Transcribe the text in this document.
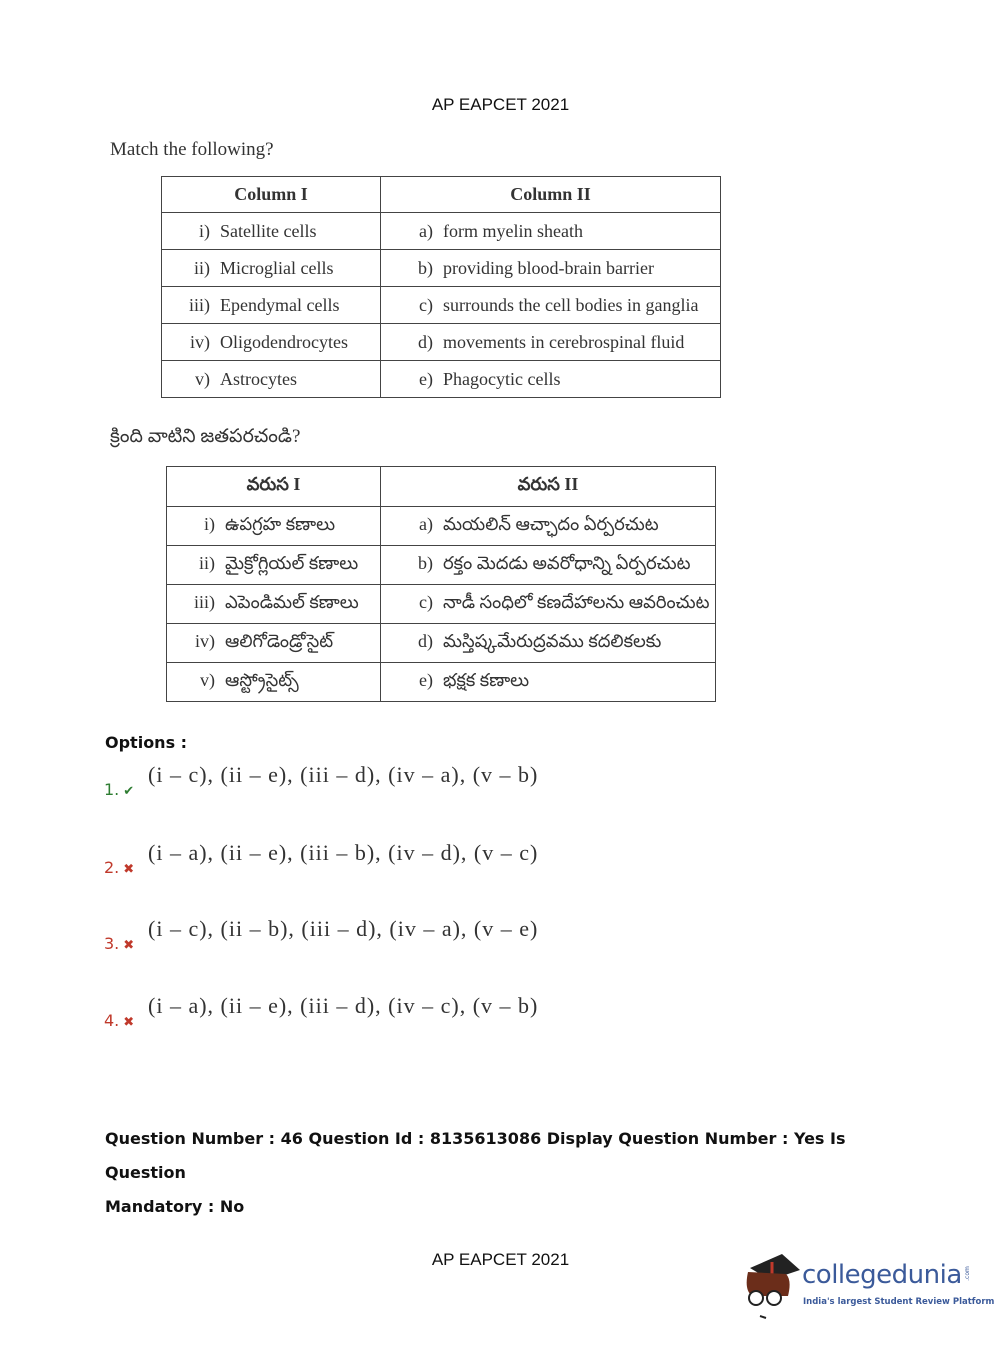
AP EAPCET 2021
Match the following?
Column I	Column II
i) Satellite cells	a) form myelin sheath
ii) Microglial cells	b) providing blood-brain barrier
iii) Ependymal cells	c) surrounds the cell bodies in ganglia
iv) Oligodendrocytes	d) movements in cerebrospinal fluid
v) Astrocytes	e) Phagocytic cells
క్రింది వాటిని జతపరచండి?
వరుస I	వరుస II
i) ఉపగ్రహ కణాలు	a) మయలిన్ ఆచ్ఛాదం ఏర్పరచుట
ii) మైక్రోగ్లియల్ కణాలు	b) రక్తం మెదడు అవరోధాన్ని ఏర్పరచుట
iii) ఎపెండిమల్ కణాలు	c) నాడీ సంధిలో కణదేహాలను ఆవరించుట
iv) ఆలిగోడెండ్రోసైట్	d) మస్తిష్కమేరుద్రవము కదలికలకు
v) ఆస్ట్రోసైట్స్	e) భక్షక కణాలు
Options :
1. ✔
(i – c), (ii – e), (iii – d), (iv – a), (v – b)
2. ✖
(i – a), (ii – e), (iii – b), (iv – d), (v – c)
3. ✖
(i – c), (ii – b), (iii – d), (iv – a), (v – e)
4. ✖
(i – a), (ii – e), (iii – d), (iv – c), (v – b)
Question Number : 46 Question Id : 8135613086 Display Question Number : Yes Is Question
Mandatory : No
AP EAPCET 2021
collegedunia .com
India's largest Student Review Platform
